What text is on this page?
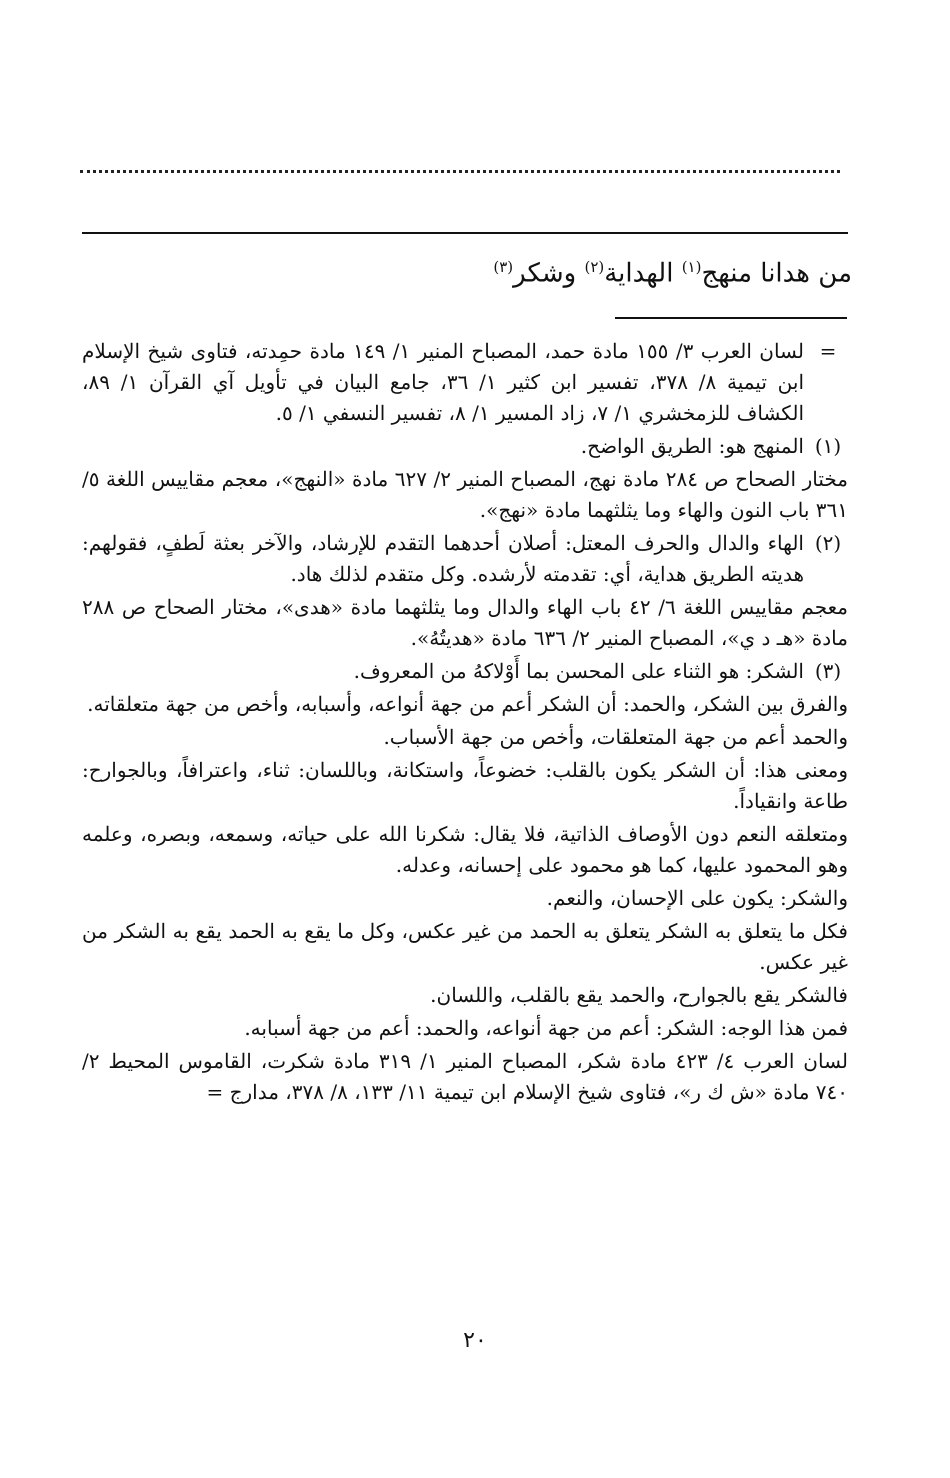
من هدانا منهج$^{(١)}$ الهداية$^{(٢)}$ وشكر$^{(٣)}$
=

لسان العرب ٣/ ١٥٥ مادة حمد، المصباح المنير ١/ ١٤٩ مادة حمِدته، فتاوى شيخ الإسلام ابن تيمية ٨/ ٣٧٨، تفسير ابن كثير ١/ ٣٦، جامع البيان في تأويل آي القرآن ١/ ٨٩، الكشاف للزمخشري ١/ ٧، زاد المسير ١/ ٨، تفسير النسفي ١/ ٥.

(١)

المنهج هو: الطريق الواضح.

مختار الصحاح ص ٢٨٤ مادة نهج، المصباح المنير ٢/ ٦٢٧ مادة «النهج»، معجم مقاييس اللغة ٥/ ٣٦١ باب النون والهاء وما يثلثهما مادة «نهج».

(٢)

الهاء والدال والحرف المعتل: أصلان أحدهما التقدم للإرشاد، والآخر بعثة لَطفٍ، فقولهم: هديته الطريق هداية، أي: تقدمته لأرشده. وكل متقدم لذلك هاد.

معجم مقاييس اللغة ٦/ ٤٢ باب الهاء والدال وما يثلثهما مادة «هدى»، مختار الصحاح ص ٢٨٨ مادة «هـ د ي»، المصباح المنير ٢/ ٦٣٦ مادة «هديتُهُ».

(٣)

الشكر: هو الثناء على المحسن بما أَوْلاكهُ من المعروف.

والفرق بين الشكر، والحمد: أن الشكر أعم من جهة أنواعه، وأسبابه، وأخص من جهة متعلقاته.

والحمد أعم من جهة المتعلقات، وأخص من جهة الأسباب.

ومعنى هذا: أن الشكر يكون بالقلب: خضوعاً، واستكانة، وباللسان: ثناء، واعترافاً، وبالجوارح: طاعة وانقياداً.

ومتعلقه النعم دون الأوصاف الذاتية، فلا يقال: شكرنا الله على حياته، وسمعه، وبصره، وعلمه وهو المحمود عليها، كما هو محمود على إحسانه، وعدله.

والشكر: يكون على الإحسان، والنعم.

فكل ما يتعلق به الشكر يتعلق به الحمد من غير عكس، وكل ما يقع به الحمد يقع به الشكر من غير عكس.

فالشكر يقع بالجوارح، والحمد يقع بالقلب، واللسان.

فمن هذا الوجه: الشكر: أعم من جهة أنواعه، والحمد: أعم من جهة أسبابه.

لسان العرب ٤/ ٤٢٣ مادة شكر، المصباح المنير ١/ ٣١٩ مادة شكرت، القاموس المحيط ٢/ ٧٤٠ مادة «ش ك ر»، فتاوى شيخ الإسلام ابن تيمية ١١/ ١٣٣، ٨/ ٣٧٨، مدارج =

٢٠
